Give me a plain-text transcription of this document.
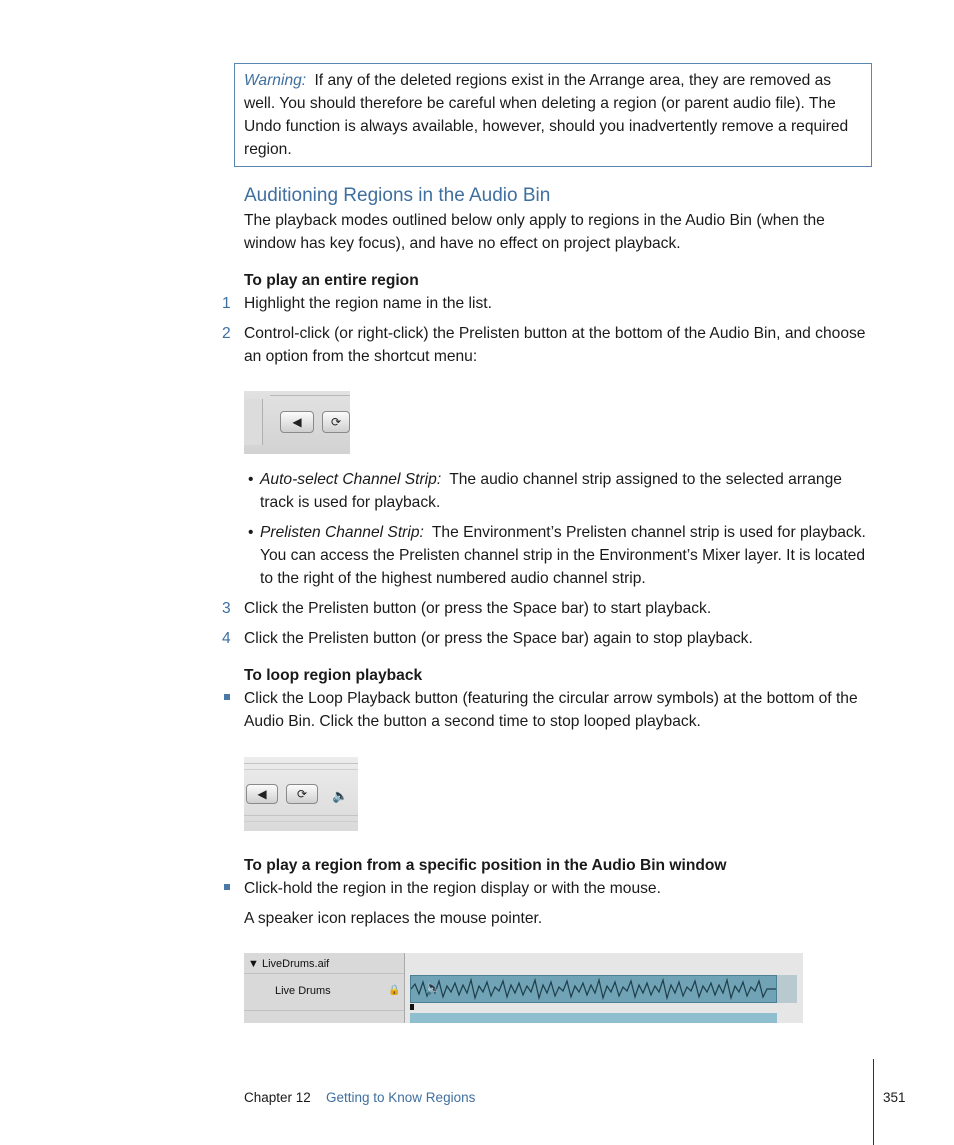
Warning: If any of the deleted regions exist in the Arrange area, they are removed as well. You should therefore be careful when deleting a region (or parent audio file). The Undo function is always available, however, should you inadvertently remove a required region.
Auditioning Regions in the Audio Bin
The playback modes outlined below only apply to regions in the Audio Bin (when the window has key focus), and have no effect on project playback.
To play an entire region
1 Highlight the region name in the list.
2 Control-click (or right-click) the Prelisten button at the bottom of the Audio Bin, and choose an option from the shortcut menu:
◀	⟳
• Auto-select Channel Strip: The audio channel strip assigned to the selected arrange track is used for playback.
• Prelisten Channel Strip: The Environment’s Prelisten channel strip is used for playback. You can access the Prelisten channel strip in the Environment’s Mixer layer. It is located to the right of the highest numbered audio channel strip.
3 Click the Prelisten button (or press the Space bar) to start playback.
4 Click the Prelisten button (or press the Space bar) again to stop playback.
To loop region playback
Click the Loop Playback button (featuring the circular arrow symbols) at the bottom of the Audio Bin. Click the button a second time to stop looped playback.
◀	⟳	🔈
To play a region from a specific position in the Audio Bin window
Click-hold the region in the region display or with the mouse.
A speaker icon replaces the mouse pointer.
▼ LiveDrums.aif
Live Drums	🔒 🔈
Chapter 12 Getting to Know Regions	351
